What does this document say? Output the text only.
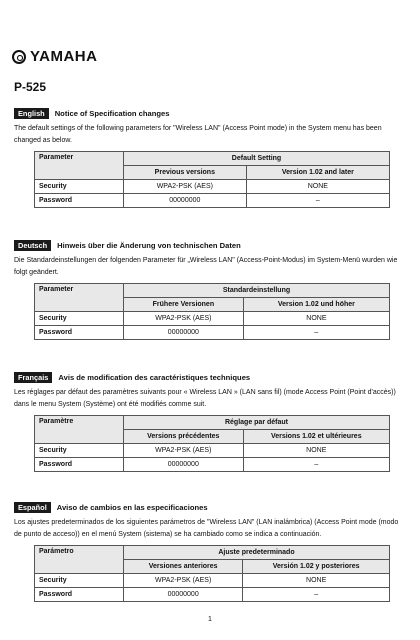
YAMAHA
P-525
English	Notice of Specification changes
The default settings of the following parameters for "Wireless LAN" (Access Point mode) in the System menu has been changed as below.
Parameter	Default Setting	
	Previous versions	Version 1.02 and later
Security	WPA2-PSK (AES)	NONE
Password	00000000	–
Deutsch	Hinweis über die Änderung von technischen Daten
Die Standardeinstellungen der folgenden Parameter für „Wireless LAN" (Access-Point-Modus) im System-Menü wurden wie folgt geändert.
Parameter	Standardeinstellung	
	Frühere Versionen	Version 1.02 und höher
Security	WPA2-PSK (AES)	NONE
Password	00000000	–
Français	Avis de modification des caractéristiques techniques
Les réglages par défaut des paramètres suivants pour « Wireless LAN » (LAN sans fil) (mode Access Point (Point d'accès)) dans le menu System (Système) ont été modifiés comme suit.
Paramètre	Réglage par défaut	
	Versions précédentes	Versions 1.02 et ultérieures
Security	WPA2-PSK (AES)	NONE
Password	00000000	–
Español	Aviso de cambios en las especificaciones
Los ajustes predeterminados de los siguientes parámetros de "Wireless LAN" (LAN inalámbrica) (Access Point mode (modo de punto de acceso)) en el menú System (sistema) se ha cambiado como se indica a continuación.
Parámetro	Ajuste predeterminado	
	Versiones anteriores	Versión 1.02 y posteriores
Security	WPA2-PSK (AES)	NONE
Password	00000000	–
1
